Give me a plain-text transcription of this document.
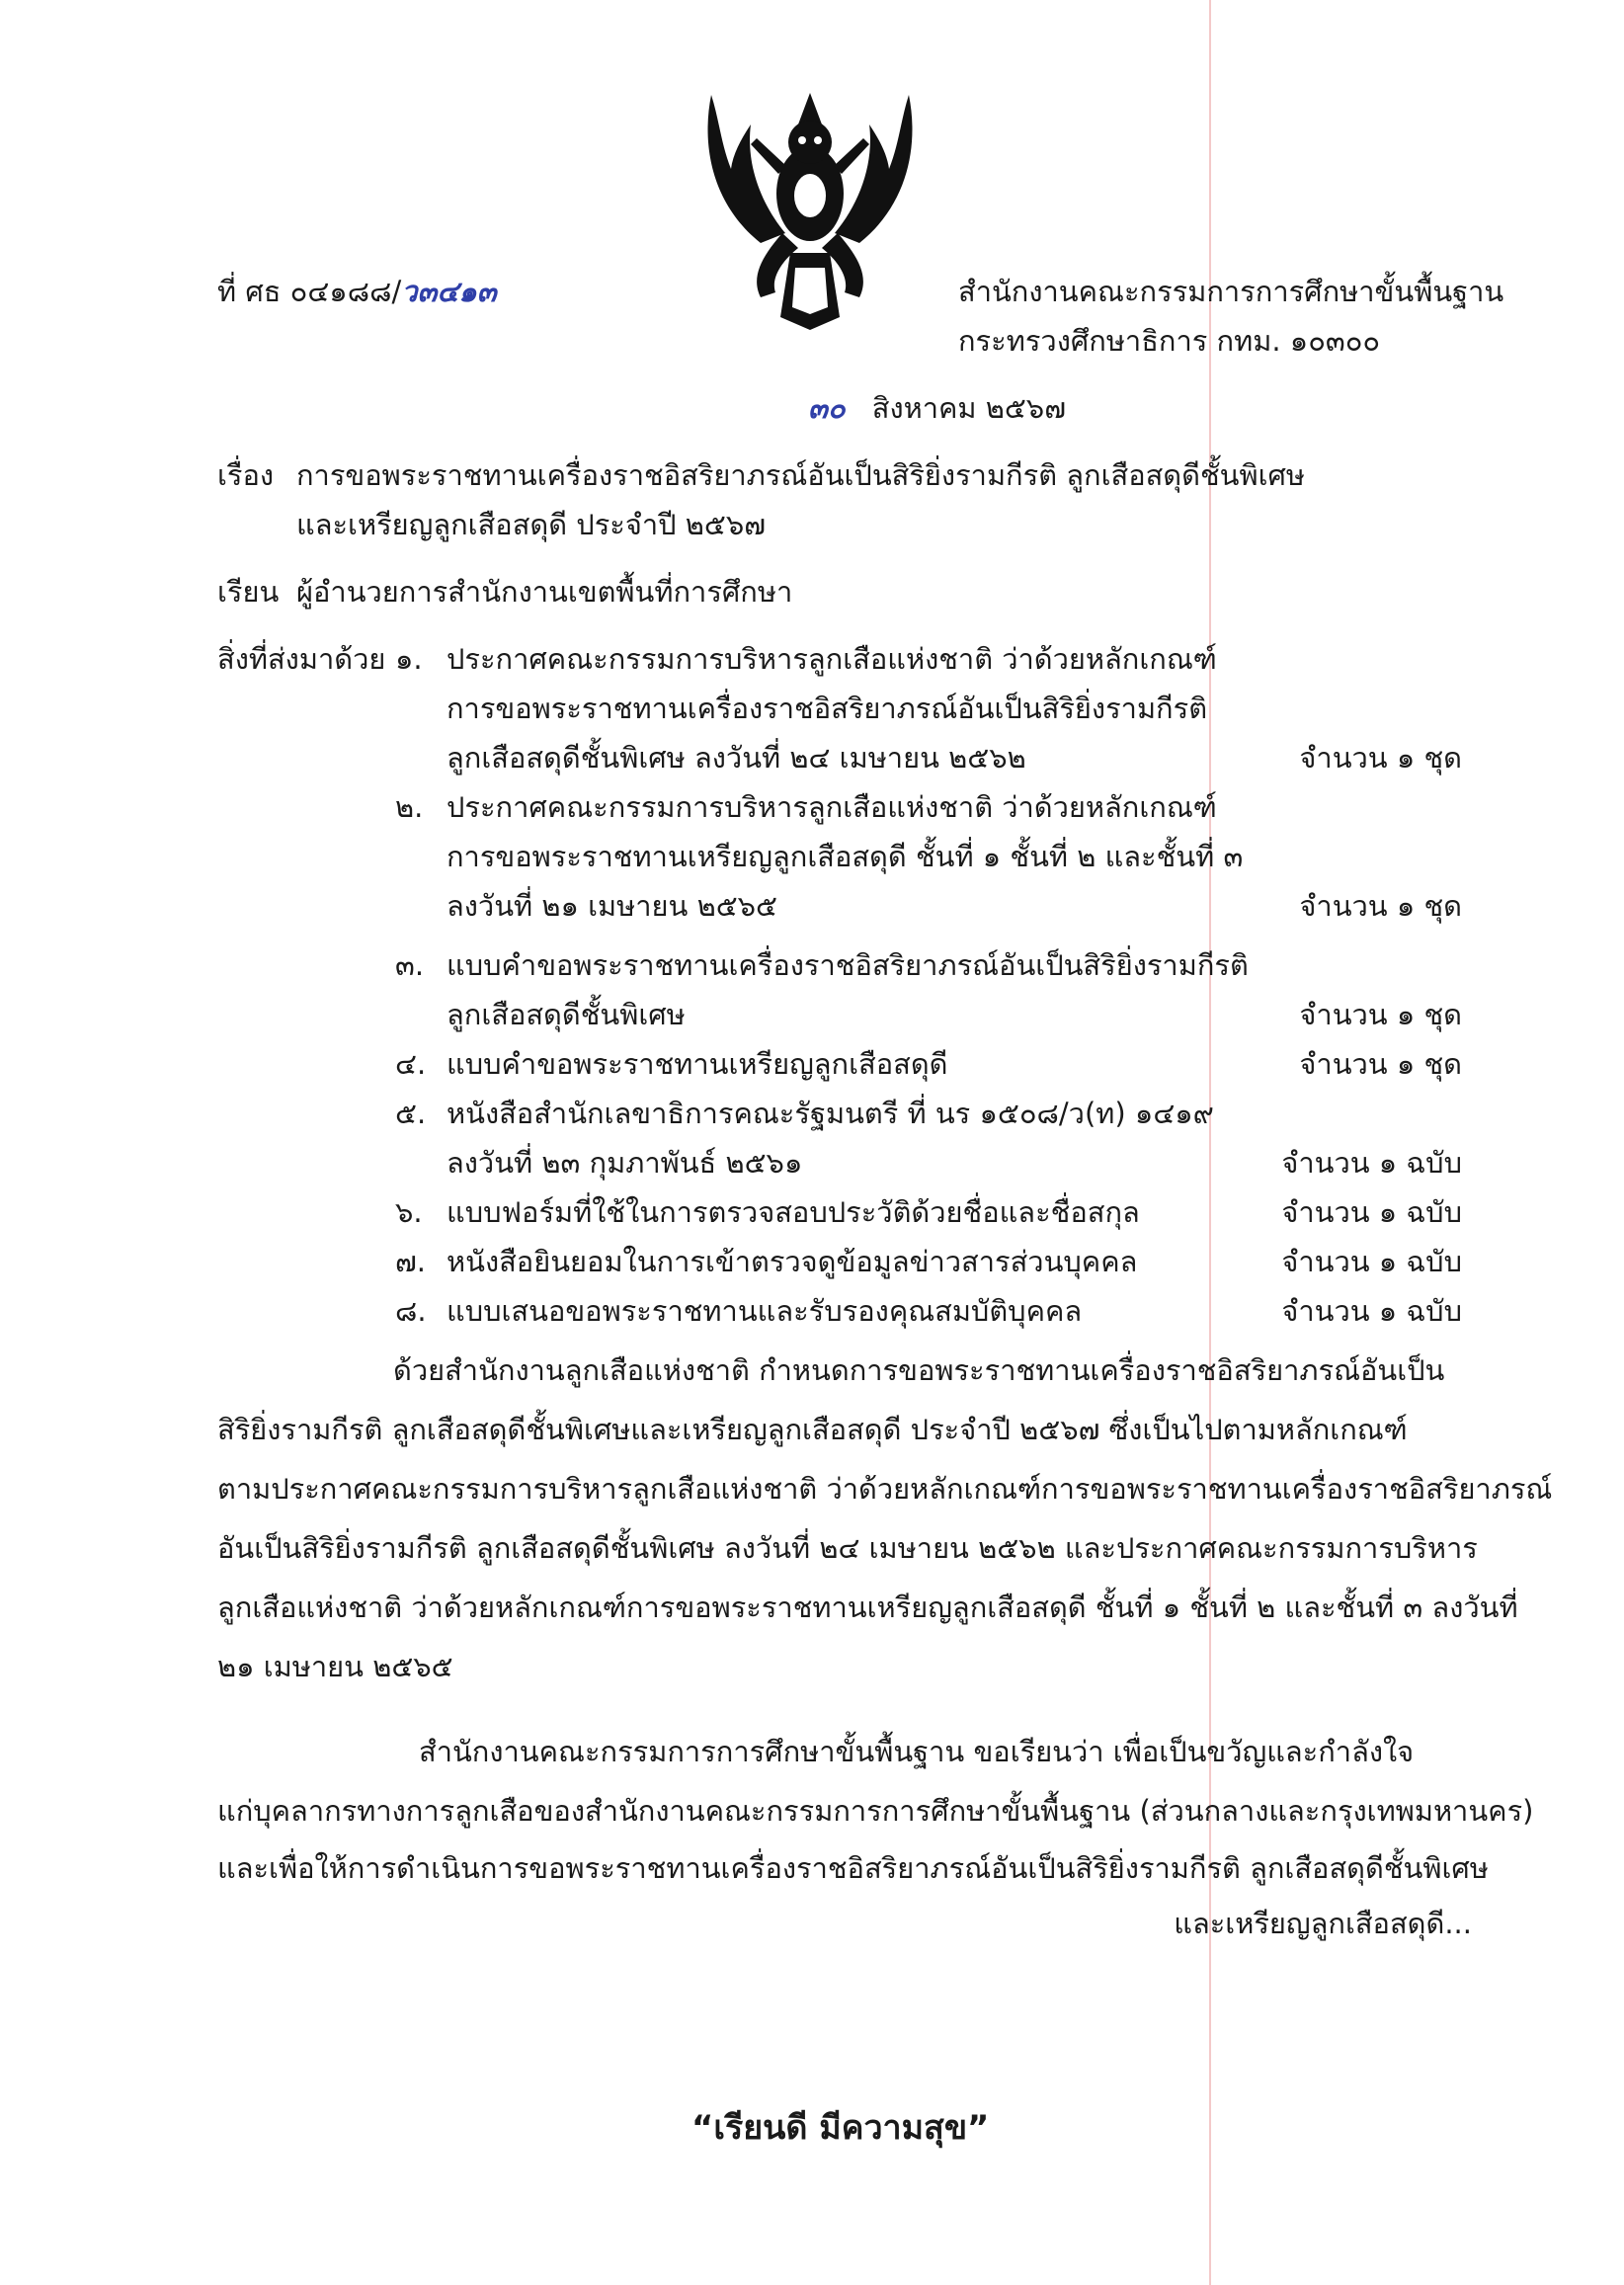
ที่ ศธ ๐๔๑๘๘/ว๓๔๑๓	สำนักงานคณะกรรมการการศึกษาขั้นพื้นฐาน
กระทรวงศึกษาธิการ กทม. ๑๐๓๐๐
๓๐ สิงหาคม ๒๕๖๗
เรื่อง การขอพระราชทานเครื่องราชอิสริยาภรณ์อันเป็นสิริยิ่งรามกีรติ ลูกเสือสดุดีชั้นพิเศษ
และเหรียญลูกเสือสดุดี ประจำปี ๒๕๖๗
เรียน ผู้อำนวยการสำนักงานเขตพื้นที่การศึกษา
สิ่งที่ส่งมาด้วย ๑. ประกาศคณะกรรมการบริหารลูกเสือแห่งชาติ ว่าด้วยหลักเกณฑ์
การขอพระราชทานเครื่องราชอิสริยาภรณ์อันเป็นสิริยิ่งรามกีรติ
ลูกเสือสดุดีชั้นพิเศษ ลงวันที่ ๒๔ เมษายน ๒๕๖๒	จำนวน ๑ ชุด
๒. ประกาศคณะกรรมการบริหารลูกเสือแห่งชาติ ว่าด้วยหลักเกณฑ์
การขอพระราชทานเหรียญลูกเสือสดุดี ชั้นที่ ๑ ชั้นที่ ๒ และชั้นที่ ๓
ลงวันที่ ๒๑ เมษายน ๒๕๖๕	จำนวน ๑ ชุด
๓. แบบคำขอพระราชทานเครื่องราชอิสริยาภรณ์อันเป็นสิริยิ่งรามกีรติ
ลูกเสือสดุดีชั้นพิเศษ	จำนวน ๑ ชุด
๔. แบบคำขอพระราชทานเหรียญลูกเสือสดุดี	จำนวน ๑ ชุด
๕. หนังสือสำนักเลขาธิการคณะรัฐมนตรี ที่ นร ๑๕๐๘/ว(ท) ๑๔๑๙
ลงวันที่ ๒๓ กุมภาพันธ์ ๒๕๖๑	จำนวน ๑ ฉบับ
๖. แบบฟอร์มที่ใช้ในการตรวจสอบประวัติด้วยชื่อและชื่อสกุล	จำนวน ๑ ฉบับ
๗. หนังสือยินยอมในการเข้าตรวจดูข้อมูลข่าวสารส่วนบุคคล	จำนวน ๑ ฉบับ
๘. แบบเสนอขอพระราชทานและรับรองคุณสมบัติบุคคล	จำนวน ๑ ฉบับ
ด้วยสำนักงานลูกเสือแห่งชาติ กำหนดการขอพระราชทานเครื่องราชอิสริยาภรณ์อันเป็น
สิริยิ่งรามกีรติ ลูกเสือสดุดีชั้นพิเศษและเหรียญลูกเสือสดุดี ประจำปี ๒๕๖๗ ซึ่งเป็นไปตามหลักเกณฑ์
ตามประกาศคณะกรรมการบริหารลูกเสือแห่งชาติ ว่าด้วยหลักเกณฑ์การขอพระราชทานเครื่องราชอิสริยาภรณ์
อันเป็นสิริยิ่งรามกีรติ ลูกเสือสดุดีชั้นพิเศษ ลงวันที่ ๒๔ เมษายน ๒๕๖๒ และประกาศคณะกรรมการบริหาร
ลูกเสือแห่งชาติ ว่าด้วยหลักเกณฑ์การขอพระราชทานเหรียญลูกเสือสดุดี ชั้นที่ ๑ ชั้นที่ ๒ และชั้นที่ ๓ ลงวันที่
๒๑ เมษายน ๒๕๖๕
สำนักงานคณะกรรมการการศึกษาขั้นพื้นฐาน ขอเรียนว่า เพื่อเป็นขวัญและกำลังใจ
แก่บุคลากรทางการลูกเสือของสำนักงานคณะกรรมการการศึกษาขั้นพื้นฐาน (ส่วนกลางและกรุงเทพมหานคร)
และเพื่อให้การดำเนินการขอพระราชทานเครื่องราชอิสริยาภรณ์อันเป็นสิริยิ่งรามกีรติ ลูกเสือสดุดีชั้นพิเศษ
และเหรียญลูกเสือสดุดี...
“เรียนดี มีความสุข”
